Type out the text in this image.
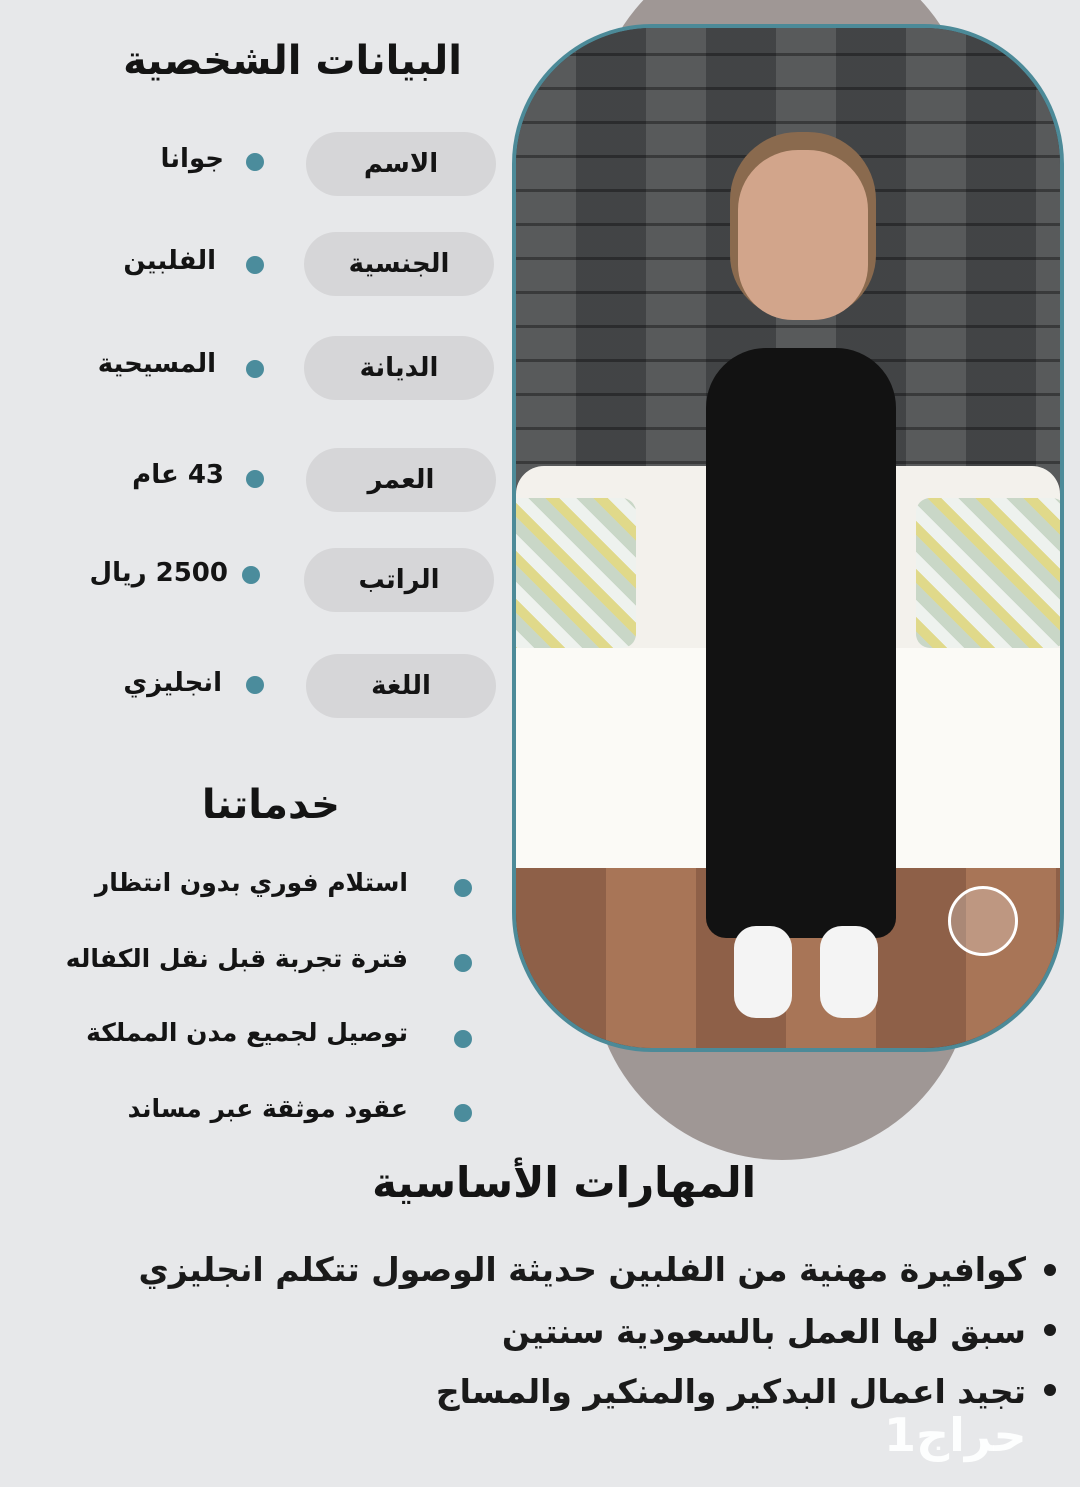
البيانات الشخصية
الاسم
جوانا
الجنسية
الفلبين
الديانة
المسيحية
العمر
43 عام
الراتب
2500 ريال
اللغة
انجليزي
خدماتنا
استلام فوري بدون انتظار
فترة تجربة قبل نقل الكفاله
توصيل لجميع مدن المملكة
عقود موثقة عبر مساند
المهارات الأساسية
كوافيرة مهنية من الفلبين حديثة الوصول تتكلم انجليزي
سبق لها العمل بالسعودية سنتين
تجيد اعمال البدكير والمنكير والمساج
حراج1
